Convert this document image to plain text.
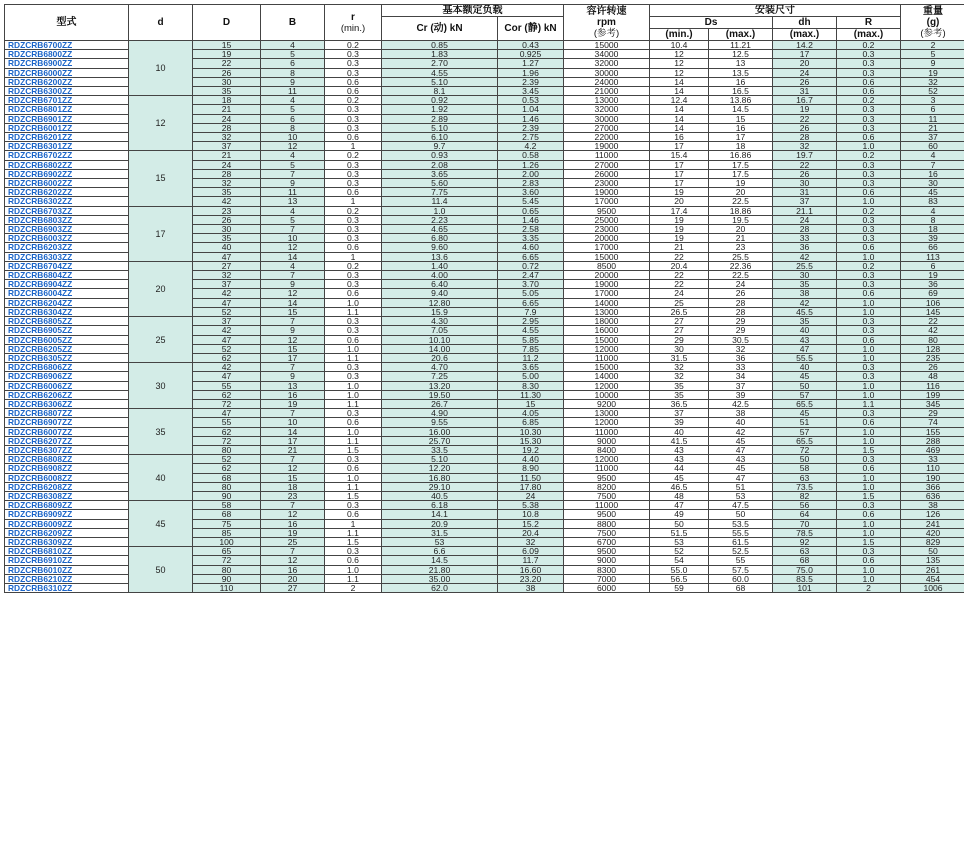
型式	d	D	B	r
(min.)	基本额定负载		容许转速
rpm
(参考)	安装尺寸				重量
(g)
(参考)
					Cr (动) kN	Cor (静) kN		Ds		dh	R	
								(min.)	(max.)	(max.)	(max.)	
RDZCRB6700ZZ	10	15	4	0.2	0.85	0.43	15000	10.4	11.21	14.2	0.2	2
RDZCRB6800ZZ		19	5	0.3	1.83	0.925	34000	12	12.5	17	0.3	5
RDZCRB6900ZZ		22	6	0.3	2.70	1.27	32000	12	13	20	0.3	9
RDZCRB6000ZZ		26	8	0.3	4.55	1.96	30000	12	13.5	24	0.3	19
RDZCRB6200ZZ		30	9	0.6	5.10	2.39	24000	14	16	26	0.6	32
RDZCRB6300ZZ		35	11	0.6	8.1	3.45	21000	14	16.5	31	0.6	52
RDZCRB6701ZZ	12	18	4	0.2	0.92	0.53	13000	12.4	13.86	16.7	0.2	3
RDZCRB6801ZZ		21	5	0.3	1.92	1.04	32000	14	14.5	19	0.3	6
RDZCRB6901ZZ		24	6	0.3	2.89	1.46	30000	14	15	22	0.3	11
RDZCRB6001ZZ		28	8	0.3	5.10	2.39	27000	14	16	26	0.3	21
RDZCRB6201ZZ		32	10	0.6	6.10	2.75	22000	16	17	28	0.6	37
RDZCRB6301ZZ		37	12	1	9.7	4.2	19000	17	18	32	1.0	60
RDZCRB6702ZZ	15	21	4	0.2	0.93	0.58	11000	15.4	16.86	19.7	0.2	4
RDZCRB6802ZZ		24	5	0.3	2.08	1.26	27000	17	17.5	22	0.3	7
RDZCRB6902ZZ		28	7	0.3	3.65	2.00	26000	17	17.5	26	0.3	16
RDZCRB6002ZZ		32	9	0.3	5.60	2.83	23000	17	19	30	0.3	30
RDZCRB6202ZZ		35	11	0.6	7.75	3.60	19000	19	20	31	0.6	45
RDZCRB6302ZZ		42	13	1	11.4	5.45	17000	20	22.5	37	1.0	83
RDZCRB6703ZZ	17	23	4	0.2	1.0	0.65	9500	17.4	18.86	21.1	0.2	4
RDZCRB6803ZZ		26	5	0.3	2.23	1.46	25000	19	19.5	24	0.3	8
RDZCRB6903ZZ		30	7	0.3	4.65	2.58	23000	19	20	28	0.3	18
RDZCRB6003ZZ		35	10	0.3	6.80	3.35	20000	19	21	33	0.3	39
RDZCRB6203ZZ		40	12	0.6	9.60	4.60	17000	21	23	36	0.6	66
RDZCRB6303ZZ		47	14	1	13.6	6.65	15000	22	25.5	42	1.0	113
RDZCRB6704ZZ	20	27	4	0.2	1.40	0.72	8500	20.4	22.36	25.5	0.2	6
RDZCRB6804ZZ		32	7	0.3	4.00	2.47	20000	22	22.5	30	0.3	19
RDZCRB6904ZZ		37	9	0.3	6.40	3.70	19000	22	24	35	0.3	36
RDZCRB6004ZZ		42	12	0.6	9.40	5.05	17000	24	26	38	0.6	69
RDZCRB6204ZZ		47	14	1.0	12.80	6.65	14000	25	28	42	1.0	106
RDZCRB6304ZZ		52	15	1.1	15.9	7.9	13000	26.5	28	45.5	1.0	145
RDZCRB6805ZZ	25	37	7	0.3	4.30	2.95	18000	27	29	35	0.3	22
RDZCRB6905ZZ		42	9	0.3	7.05	4.55	16000	27	29	40	0.3	42
RDZCRB6005ZZ		47	12	0.6	10.10	5.85	15000	29	30.5	43	0.6	80
RDZCRB6205ZZ		52	15	1.0	14.00	7.85	12000	30	32	47	1.0	128
RDZCRB6305ZZ		62	17	1.1	20.6	11.2	11000	31.5	36	55.5	1.0	235
RDZCRB6806ZZ	30	42	7	0.3	4.70	3.65	15000	32	33	40	0.3	26
RDZCRB6906ZZ		47	9	0.3	7.25	5.00	14000	32	34	45	0.3	48
RDZCRB6006ZZ		55	13	1.0	13.20	8.30	12000	35	37	50	1.0	116
RDZCRB6206ZZ		62	16	1.0	19.50	11.30	10000	35	39	57	1.0	199
RDZCRB6306ZZ		72	19	1.1	26.7	15	9200	36.5	42.5	65.5	1.1	345
RDZCRB6807ZZ	35	47	7	0.3	4.90	4.05	13000	37	38	45	0.3	29
RDZCRB6907ZZ		55	10	0.6	9.55	6.85	12000	39	40	51	0.6	74
RDZCRB6007ZZ		62	14	1.0	16.00	10.30	11000	40	42	57	1.0	155
RDZCRB6207ZZ		72	17	1.1	25.70	15.30	9000	41.5	45	65.5	1.0	288
RDZCRB6307ZZ		80	21	1.5	33.5	19.2	8400	43	47	72	1.5	469
RDZCRB6808ZZ	40	52	7	0.3	5.10	4.40	12000	43	43	50	0.3	33
RDZCRB6908ZZ		62	12	0.6	12.20	8.90	11000	44	45	58	0.6	110
RDZCRB6008ZZ		68	15	1.0	16.80	11.50	9500	45	47	63	1.0	190
RDZCRB6208ZZ		80	18	1.1	29.10	17.80	8200	46.5	51	73.5	1.0	366
RDZCRB6308ZZ		90	23	1.5	40.5	24	7500	48	53	82	1.5	636
RDZCRB6809ZZ	45	58	7	0.3	6.18	5.38	11000	47	47.5	56	0.3	38
RDZCRB6909ZZ		68	12	0.6	14.1	10.8	9500	49	50	64	0.6	126
RDZCRB6009ZZ		75	16	1	20.9	15.2	8800	50	53.5	70	1.0	241
RDZCRB6209ZZ		85	19	1.1	31.5	20.4	7500	51.5	55.5	78.5	1.0	420
RDZCRB6309ZZ		100	25	1.5	53	32	6700	53	61.5	92	1.5	829
RDZCRB6810ZZ	50	65	7	0.3	6.6	6.09	9500	52	52.5	63	0.3	50
RDZCRB6910ZZ		72	12	0.6	14.5	11.7	9000	54	55	68	0.6	135
RDZCRB6010ZZ		80	16	1.0	21.80	16.60	8300	55.0	57.5	75.0	1.0	261
RDZCRB6210ZZ		90	20	1.1	35.00	23.20	7000	56.5	60.0	83.5	1.0	454
RDZCRB6310ZZ		110	27	2	62.0	38	6000	59	68	101	2	1006
